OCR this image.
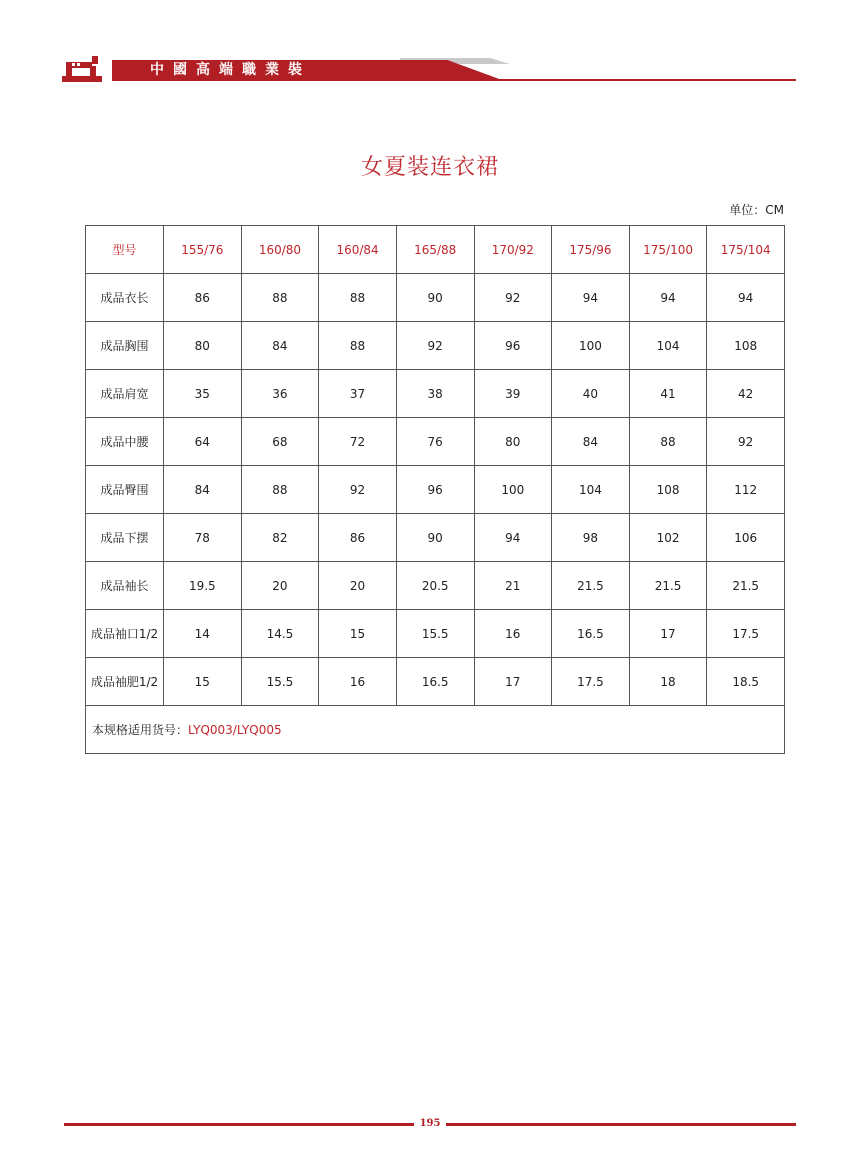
中國高端職業裝
女夏装连衣裙
单位：CM
型号	155/76	160/80	160/84	165/88	170/92	175/96	175/100	175/104
成品衣长	86	88	88	90	92	94	94	94
成品胸围	80	84	88	92	96	100	104	108
成品肩宽	35	36	37	38	39	40	41	42
成品中腰	64	68	72	76	80	84	88	92
成品臀围	84	88	92	96	100	104	108	112
成品下摆	78	82	86	90	94	98	102	106
成品袖长	19.5	20	20	20.5	21	21.5	21.5	21.5
成品袖口1/2	14	14.5	15	15.5	16	16.5	17	17.5
成品袖肥1/2	15	15.5	16	16.5	17	17.5	18	18.5
本规格适用货号：LYQ003/LYQ005								
195
